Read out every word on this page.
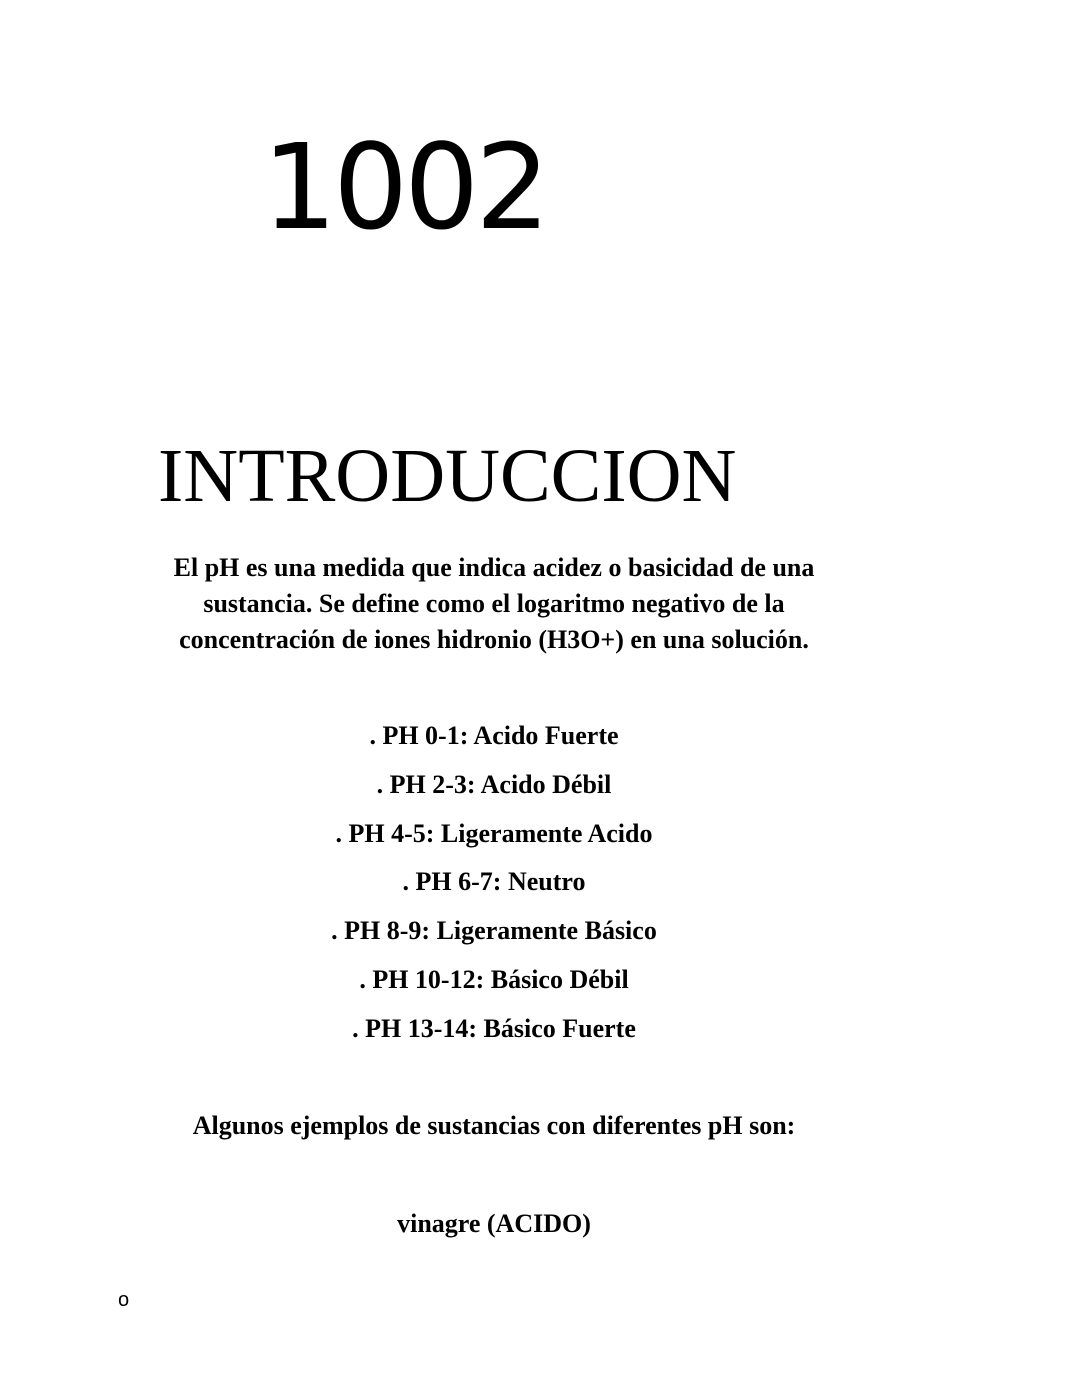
1002
INTRODUCCION

El pH es una medida que indica acidez o basicidad de una sustancia. Se define como el logaritmo negativo de la concentración de iones hidronio (H3O+) en una solución.

. PH 0-1: Acido Fuerte
. PH 2-3: Acido Débil
. PH 4-5: Ligeramente Acido
. PH 6-7: Neutro
. PH 8-9: Ligeramente Básico
. PH 10-12: Básico Débil
. PH 13-14: Básico Fuerte
Algunos ejemplos de sustancias con diferentes pH son:
vinagre (ACIDO)
o
